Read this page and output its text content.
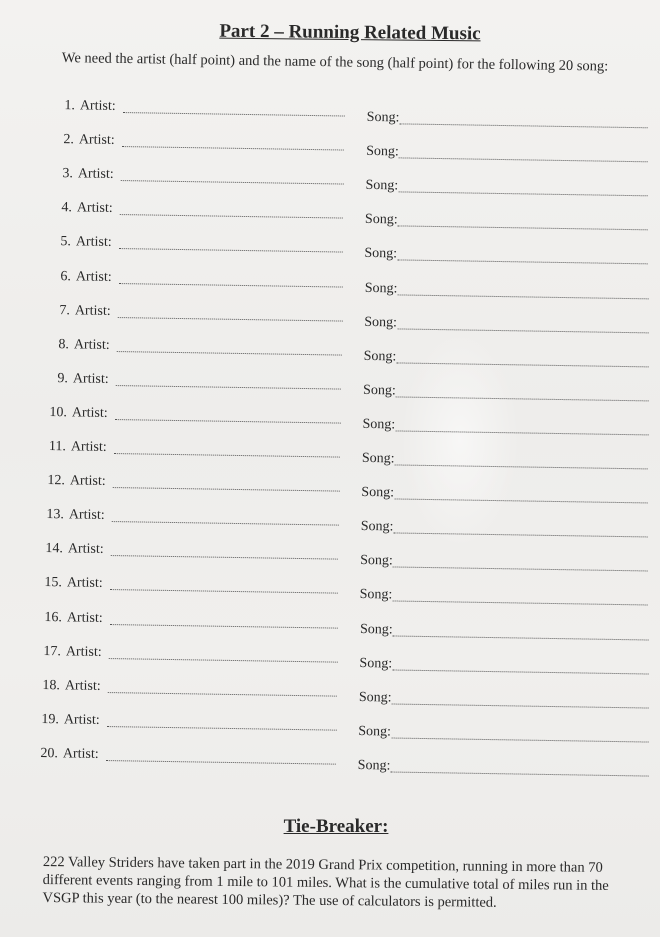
Part 2 – Running Related Music
We need the artist (half point) and the name of the song (half point) for the following 20 song:
1. Artist:
Song:
2. Artist:
Song:
3. Artist:
Song:
4. Artist:
Song:
5. Artist:
Song:
6. Artist:
Song:
7. Artist:
Song:
8. Artist:
Song:
9. Artist:
Song:
10. Artist:
Song:
11. Artist:
Song:
12. Artist:
Song:
13. Artist:
Song:
14. Artist:
Song:
15. Artist:
Song:
16. Artist:
Song:
17. Artist:
Song:
18. Artist:
Song:
19. Artist:
Song:
20. Artist:
Song:
Tie-Breaker:
222 Valley Striders have taken part in the 2019 Grand Prix competition, running in more than 70
different events ranging from 1 mile to 101 miles. What is the cumulative total of miles run in the
VSGP this year (to the nearest 100 miles)? The use of calculators is permitted.
